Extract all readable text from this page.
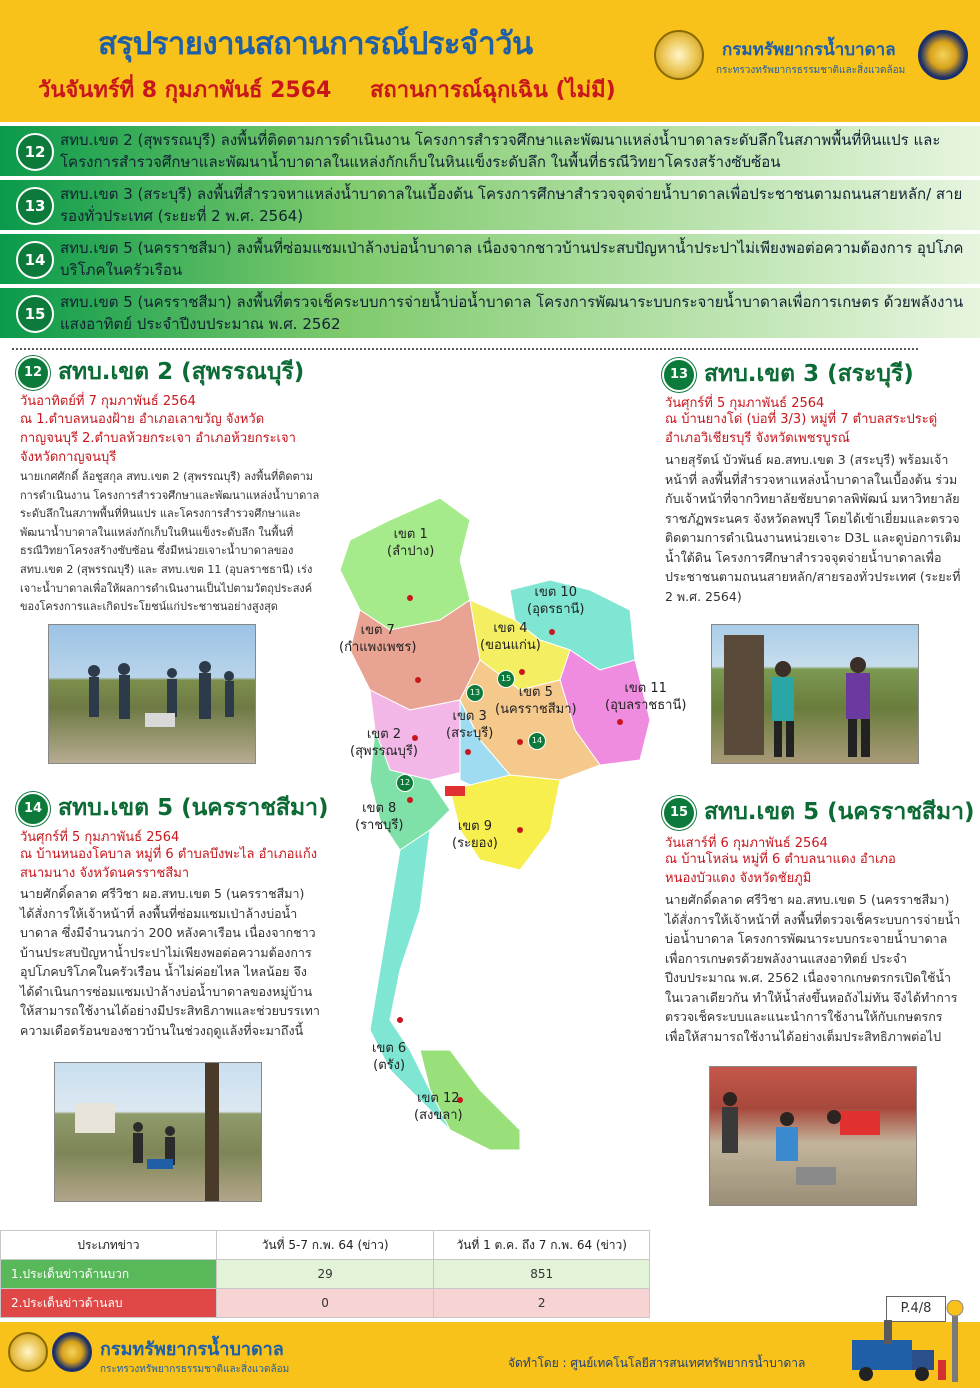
สรุปรายงานสถานการณ์ประจำวัน
วันจันทร์ที่ 8 กุมภาพันธ์ 2564 สถานการณ์ฉุกเฉิน (ไม่มี)
กรมทรัพยากรน้ำบาดาล
กระทรวงทรัพยากรธรรมชาติและสิ่งแวดล้อม
12
สทบ.เขต 2 (สุพรรณบุรี) ลงพื้นที่ติดตามการดำเนินงาน โครงการสำรวจศึกษาและพัฒนาแหล่งน้ำบาดาลระดับลึกในสภาพพื้นที่หินแปร และโครงการสำรวจศึกษาและพัฒนาน้ำบาดาลในแหล่งกักเก็บในหินแข็งระดับลึก ในพื้นที่ธรณีวิทยาโครงสร้างซับซ้อน
13
สทบ.เขต 3 (สระบุรี) ลงพื้นที่สำรวจหาแหล่งน้ำบาดาลในเบื้องต้น โครงการศึกษาสำรวจจุดจ่ายน้ำบาดาลเพื่อประชาชนตามถนนสายหลัก/ สายรองทั่วประเทศ (ระยะที่ 2 พ.ศ. 2564)
14
สทบ.เขต 5 (นครราชสีมา) ลงพื้นที่ซ่อมแซมเป่าล้างบ่อน้ำบาดาล เนื่องจากชาวบ้านประสบปัญหาน้ำประปาไม่เพียงพอต่อความต้องการ อุปโภคบริโภคในครัวเรือน
15
สทบ.เขต 5 (นครราชสีมา) ลงพื้นที่ตรวจเช็คระบบการจ่ายน้ำบ่อน้ำบาดาล โครงการพัฒนาระบบกระจายน้ำบาดาลเพื่อการเกษตร ด้วยพลังงานแสงอาทิตย์ ประจำปีงบประมาณ พ.ศ. 2562
12 สทบ.เขต 2 (สุพรรณบุรี)
วันอาทิตย์ที่ 7 กุมภาพันธ์ 2564
ณ 1.ตำบลหนองฝ้าย อำเภอเลาขวัญ จังหวัดกาญจนบุรี 2.ตำบลห้วยกระเจา อำเภอห้วยกระเจา จังหวัดกาญจนบุรี
นายเกศศักดิ์ ล้อชูสกุล สทบ.เขต 2 (สุพรรณบุรี) ลงพื้นที่ติดตามการดำเนินงาน โครงการสำรวจศึกษาและพัฒนาแหล่งน้ำบาดาลระดับลึกในสภาพพื้นที่หินแปร และโครงการสำรวจศึกษาและพัฒนาน้ำบาดาลในแหล่งกักเก็บในหินแข็งระดับลึก ในพื้นที่ธรณีวิทยาโครงสร้างซับซ้อน ซึ่งมีหน่วยเจาะน้ำบาดาลของ สทบ.เขต 2 (สุพรรณบุรี) และ สทบ.เขต 11 (อุบลราชธานี) เร่งเจาะน้ำบาดาลเพื่อให้ผลการดำเนินงานเป็นไปตามวัตถุประสงค์ของโครงการและเกิดประโยชน์แก่ประชาชนอย่างสูงสุด
13 สทบ.เขต 3 (สระบุรี)
วันศุกร์ที่ 5 กุมภาพันธ์ 2564
ณ บ้านยางโด่ (บ่อที่ 3/3) หมู่ที่ 7 ตำบลสระประดู่ อำเภอวิเชียรบุรี จังหวัดเพชรบูรณ์
นายสุรัตน์ บัวพันธ์ ผอ.สทบ.เขต 3 (สระบุรี) พร้อมเจ้าหน้าที่ ลงพื้นที่สำรวจหาแหล่งน้ำบาดาลในเบื้องต้น ร่วมกับเจ้าหน้าที่จากวิทยาลัยชัยบาดาลพิพัฒน์ มหาวิทยาลัยราชภัฏพระนคร จังหวัดลพบุรี โดยได้เข้าเยี่ยมและตรวจติดตามการดำเนินงานหน่วยเจาะ D3L และดูบ่อการเติมน้ำใต้ดิน โครงการศึกษาสำรวจจุดจ่ายน้ำบาดาลเพื่อประชาชนตามถนนสายหลัก/สายรองทั่วประเทศ (ระยะที่ 2 พ.ศ. 2564)
14 สทบ.เขต 5 (นครราชสีมา)
วันศุกร์ที่ 5 กุมภาพันธ์ 2564
ณ บ้านหนองโคบาล หมู่ที่ 6 ตำบลบึงพะไล อำเภอแก้งสนามนาง จังหวัดนครราชสีมา
นายศักดิ์ดลาด ศรีวิชา ผอ.สทบ.เขต 5 (นครราชสีมา) ได้สั่งการให้เจ้าหน้าที่ ลงพื้นที่ซ่อมแซมเป่าล้างบ่อน้ำบาดาล ซึ่งมีจำนวนกว่า 200 หลังคาเรือน เนื่องจากชาวบ้านประสบปัญหาน้ำประปาไม่เพียงพอต่อความต้องการอุปโภคบริโภคในครัวเรือน น้ำไม่ค่อยไหล ไหลน้อย จึงได้ดำเนินการซ่อมแซมเป่าล้างบ่อน้ำบาดาลของหมู่บ้าน ให้สามารถใช้งานได้อย่างมีประสิทธิภาพและช่วยบรรเทาความเดือดร้อนของชาวบ้านในช่วงฤดูแล้งที่จะมาถึงนี้
15 สทบ.เขต 5 (นครราชสีมา)
วันเสาร์ที่ 6 กุมภาพันธ์ 2564
ณ บ้านโหล่น หมู่ที่ 6 ตำบลนาแดง อำเภอหนองบัวแดง จังหวัดชัยภูมิ
นายศักดิ์ดลาด ศรีวิชา ผอ.สทบ.เขต 5 (นครราชสีมา) ได้สั่งการให้เจ้าหน้าที่ ลงพื้นที่ตรวจเช็คระบบการจ่ายน้ำบ่อน้ำบาดาล โครงการพัฒนาระบบกระจายน้ำบาดาลเพื่อการเกษตรด้วยพลังงานแสงอาทิตย์ ประจำปีงบประมาณ พ.ศ. 2562 เนื่องจากเกษตรกรเปิดใช้น้ำในเวลาเดียวกัน ทำให้น้ำส่งขึ้นหอถังไม่ทัน จึงได้ทำการตรวจเช็คระบบและแนะนำการใช้งานให้กับเกษตรกร เพื่อให้สามารถใช้งานได้อย่างเต็มประสิทธิภาพต่อไป
เขต 1
(ลำปาง)
เขต 10
(อุดรธานี)
เขต 7
(กำแพงเพชร)
เขต 4
(ขอนแก่น)
เขต 5
(นครราชสีมา)
เขต 11
(อุบลราชธานี)
เขต 3
(สระบุรี)
เขต 2
(สุพรรณบุรี)
เขต 8
(ราชบุรี)	เขต 9
(ระยอง)
เขต 6
(ตรัง)
เขต 12
(สงขลา)
12
13
14
15
ประเภทข่าว	วันที่ 5-7 ก.พ. 64 (ข่าว)	วันที่ 1 ต.ค. ถึง 7 ก.พ. 64 (ข่าว)
1.ประเด็นข่าวด้านบวก	29	851
2.ประเด็นข่าวด้านลบ	0	2	P.4/8
กรมทรัพยากรน้ำบาดาล
กระทรวงทรัพยากรธรรมชาติและสิ่งแวดล้อม	จัดทำโดย : ศูนย์เทคโนโลยีสารสนเทศทรัพยากรน้ำบาดาล
